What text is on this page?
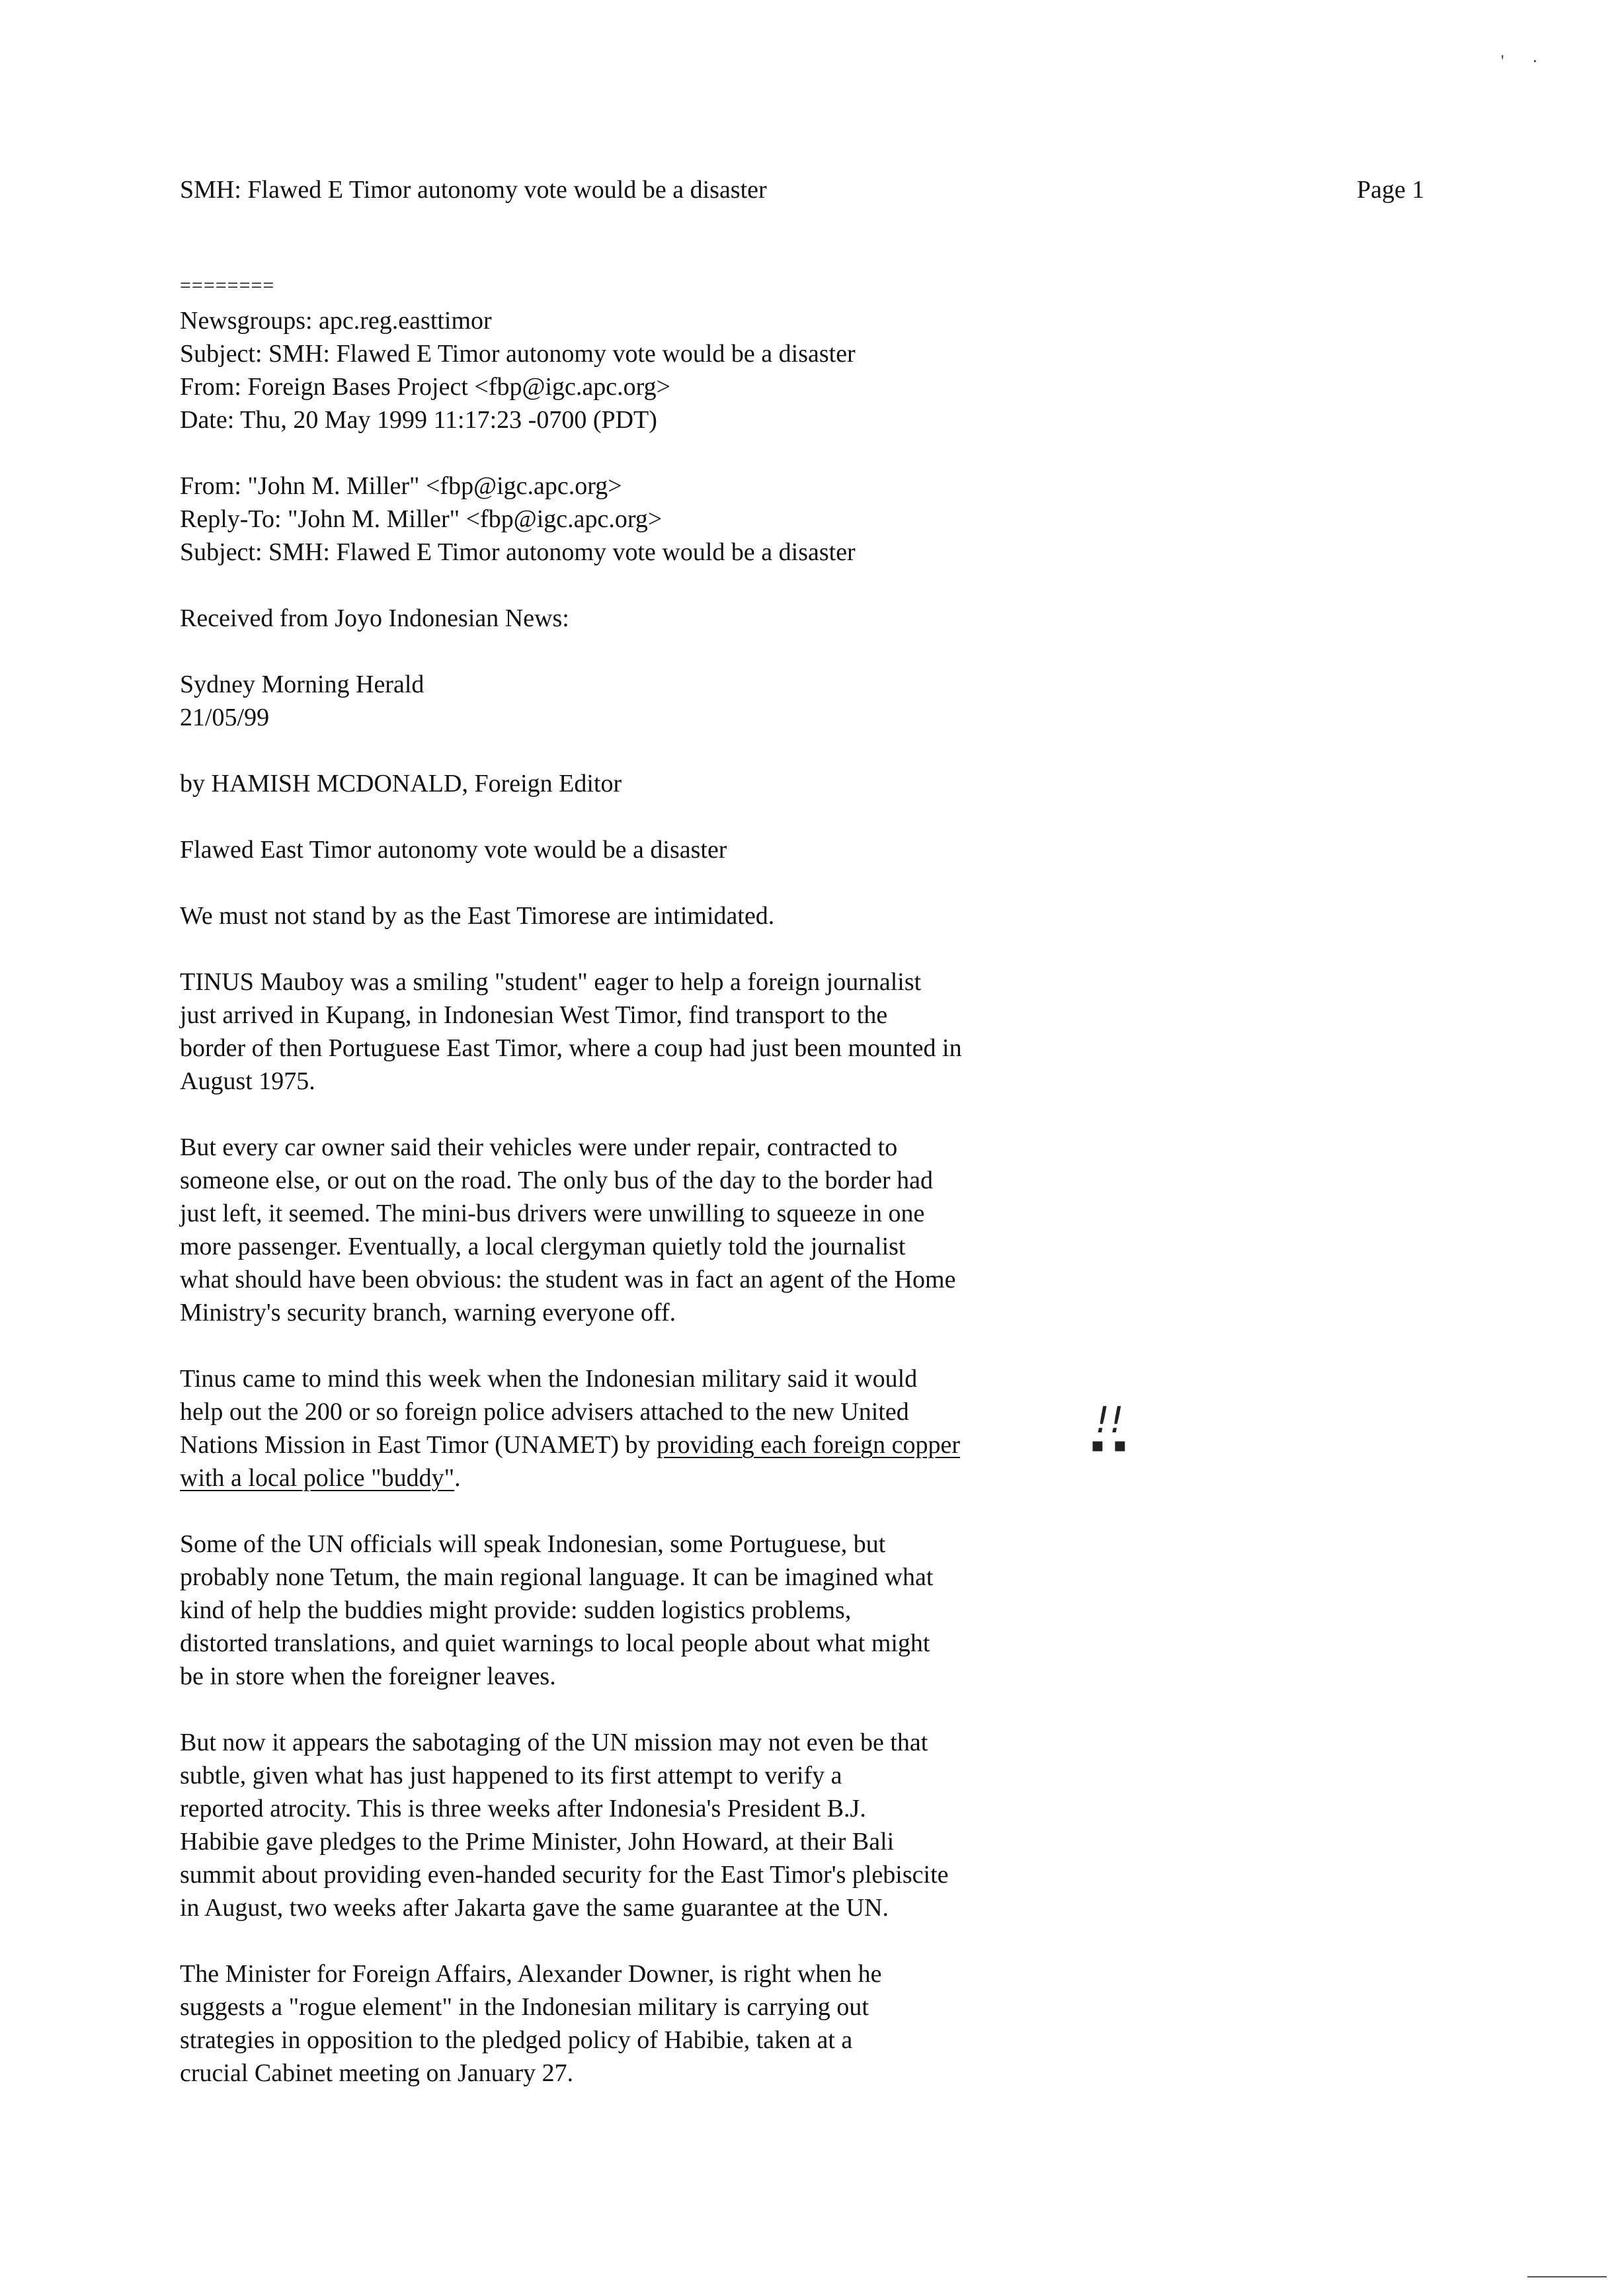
' ·
SMH: Flawed E Timor autonomy vote would be a disaster	Page 1
========
Newsgroups: apc.reg.easttimor
Subject: SMH: Flawed E Timor autonomy vote would be a disaster
From: Foreign Bases Project <fbp@igc.apc.org>
Date: Thu, 20 May 1999 11:17:23 -0700 (PDT)
From: "John M. Miller" <fbp@igc.apc.org>
Reply-To: "John M. Miller" <fbp@igc.apc.org>
Subject: SMH: Flawed E Timor autonomy vote would be a disaster
Received from Joyo Indonesian News:
Sydney Morning Herald
21/05/99
by HAMISH MCDONALD, Foreign Editor
Flawed East Timor autonomy vote would be a disaster
We must not stand by as the East Timorese are intimidated.
TINUS Mauboy was a smiling "student" eager to help a foreign journalist
just arrived in Kupang, in Indonesian West Timor, find transport to the
border of then Portuguese East Timor, where a coup had just been mounted in
August 1975.
But every car owner said their vehicles were under repair, contracted to
someone else, or out on the road. The only bus of the day to the border had
just left, it seemed. The mini-bus drivers were unwilling to squeeze in one
more passenger. Eventually, a local clergyman quietly told the journalist
what should have been obvious: the student was in fact an agent of the Home
Ministry's security branch, warning everyone off.
Tinus came to mind this week when the Indonesian military said it would
help out the 200 or so foreign police advisers attached to the new United
Nations Mission in East Timor (UNAMET) by providing each foreign copper
with a local police "buddy".
Some of the UN officials will speak Indonesian, some Portuguese, but
probably none Tetum, the main regional language. It can be imagined what
kind of help the buddies might provide: sudden logistics problems,
distorted translations, and quiet warnings to local people about what might
be in store when the foreigner leaves.
But now it appears the sabotaging of the UN mission may not even be that
subtle, given what has just happened to its first attempt to verify a
reported atrocity. This is three weeks after Indonesia's President B.J.
Habibie gave pledges to the Prime Minister, John Howard, at their Bali
summit about providing even-handed security for the East Timor's plebiscite
in August, two weeks after Jakarta gave the same guarantee at the UN.
The Minister for Foreign Affairs, Alexander Downer, is right when he
suggests a "rogue element" in the Indonesian military is carrying out
strategies in opposition to the pledged policy of Habibie, taken at a
crucial Cabinet meeting on January 27.
!!
▪ ▪
